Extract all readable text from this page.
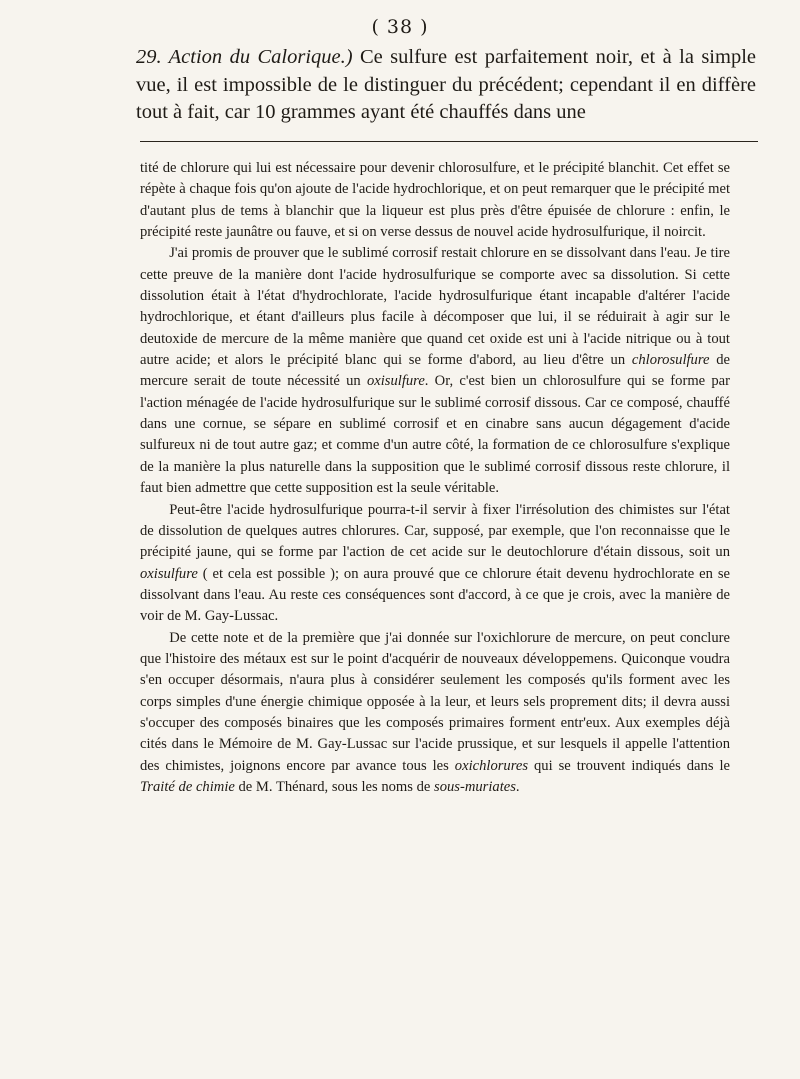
( 38 )
29. Action du Calorique.) Ce sulfure est parfaitement noir, et à la simple vue, il est impossible de le distinguer du précédent; cependant il en diffère tout à fait, car 10 grammes ayant été chauffés dans une

tité de chlorure qui lui est nécessaire pour devenir chlorosulfure, et le précipité blanchit. Cet effet se répète à chaque fois qu'on ajoute de l'acide hydrochlorique, et on peut remarquer que le précipité met d'autant plus de tems à blanchir que la liqueur est plus près d'être épuisée de chlorure : enfin, le précipité reste jaunâtre ou fauve, et si on verse dessus de nouvel acide hydrosulfurique, il noircit.

J'ai promis de prouver que le sublimé corrosif restait chlorure en se dissolvant dans l'eau. Je tire cette preuve de la manière dont l'acide hydrosulfurique se comporte avec sa dissolution. Si cette dissolution était à l'état d'hydrochlorate, l'acide hydrosulfurique étant incapable d'altérer l'acide hydrochlorique, et étant d'ailleurs plus facile à décomposer que lui, il se réduirait à agir sur le deutoxide de mercure de la même manière que quand cet oxide est uni à l'acide nitrique ou à tout autre acide; et alors le précipité blanc qui se forme d'abord, au lieu d'être un chlorosulfure de mercure serait de toute nécessité un oxisulfure. Or, c'est bien un chlorosulfure qui se forme par l'action ménagée de l'acide hydrosulfurique sur le sublimé corrosif dissous. Car ce composé, chauffé dans une cornue, se sépare en sublimé corrosif et en cinabre sans aucun dégagement d'acide sulfureux ni de tout autre gaz; et comme d'un autre côté, la formation de ce chlorosulfure s'explique de la manière la plus naturelle dans la supposition que le sublimé corrosif dissous reste chlorure, il faut bien admettre que cette supposition est la seule véritable.

Peut-être l'acide hydrosulfurique pourra-t-il servir à fixer l'irrésolution des chimistes sur l'état de dissolution de quelques autres chlorures. Car, supposé, par exemple, que l'on reconnaisse que le précipité jaune, qui se forme par l'action de cet acide sur le deutochlorure d'étain dissous, soit un oxisulfure ( et cela est possible ); on aura prouvé que ce chlorure était devenu hydrochlorate en se dissolvant dans l'eau. Au reste ces conséquences sont d'accord, à ce que je crois, avec la manière de voir de M. Gay-Lussac.

De cette note et de la première que j'ai donnée sur l'oxichlorure de mercure, on peut conclure que l'histoire des métaux est sur le point d'acquérir de nouveaux développemens. Quiconque voudra s'en occuper désormais, n'aura plus à considérer seulement les composés qu'ils forment avec les corps simples d'une énergie chimique opposée à la leur, et leurs sels proprement dits; il devra aussi s'occuper des composés binaires que les composés primaires forment entr'eux. Aux exemples déjà cités dans le Mémoire de M. Gay-Lussac sur l'acide prussique, et sur lesquels il appelle l'attention des chimistes, joignons encore par avance tous les oxichlorures qui se trouvent indiqués dans le Traité de chimie de M. Thénard, sous les noms de sous-muriates.
